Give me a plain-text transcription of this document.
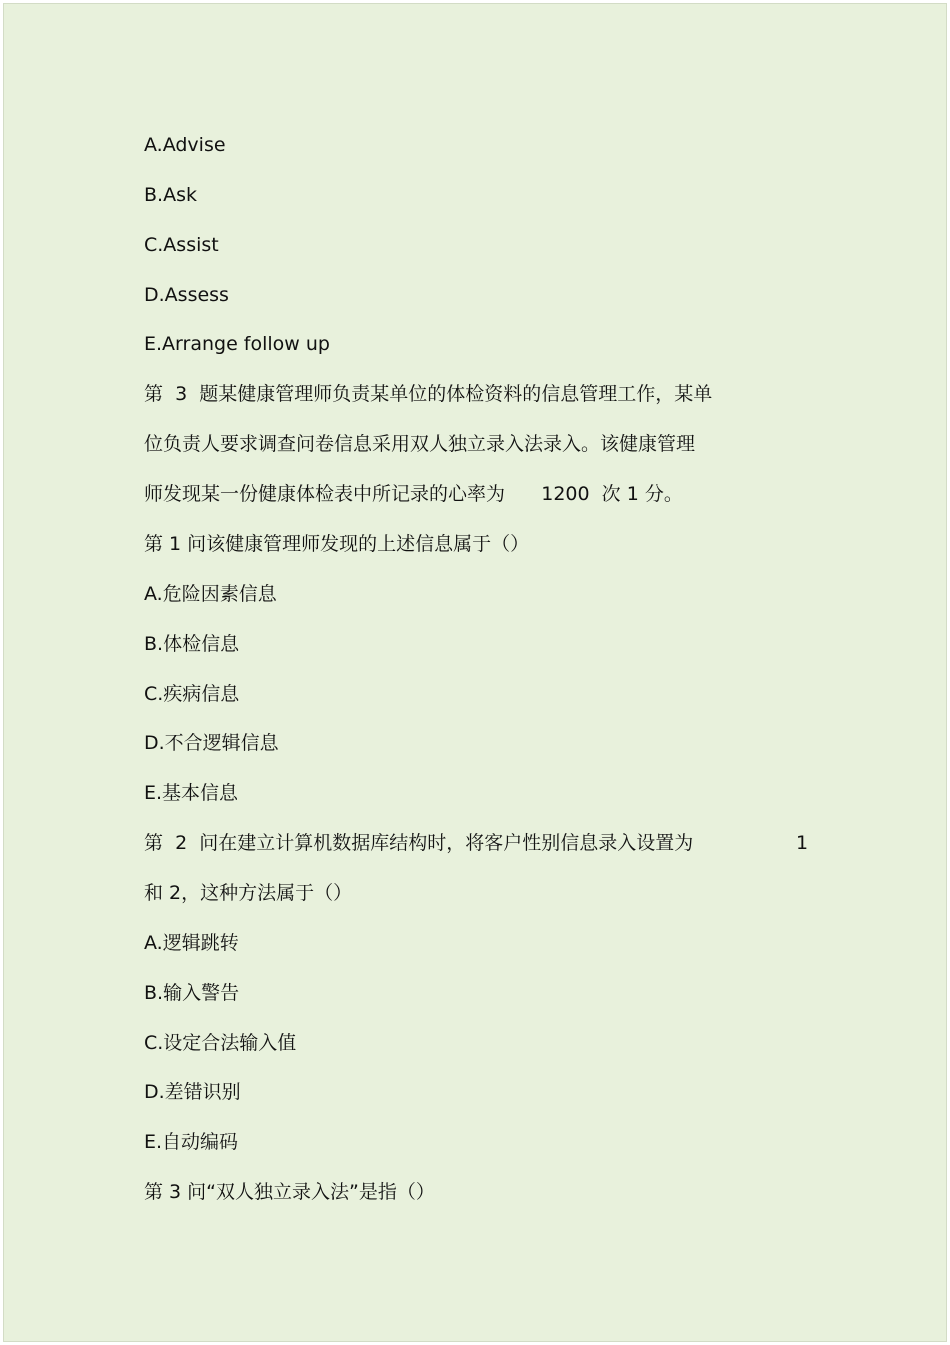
A.Advise
B.Ask
C.Assist
D.Assess
E.Arrange follow up
第  3  题某健康管理师负责某单位的体检资料的信息管理工作，某单
位负责人要求调查问卷信息采用双人独立录入法录入。该健康管理
师发现某一份健康体检表中所记录的心率为      1200  次 1 分。
第 1 问该健康管理师发现的上述信息属于（）
A.危险因素信息
B.体检信息
C.疾病信息
D.不合逻辑信息
E.基本信息
第  2  问在建立计算机数据库结构时，将客户性别信息录入设置为	1
和 2，这种方法属于（）
A.逻辑跳转
B.输入警告
C.设定合法输入值
D.差错识别
E.自动编码
第 3 问“双人独立录入法”是指（）
